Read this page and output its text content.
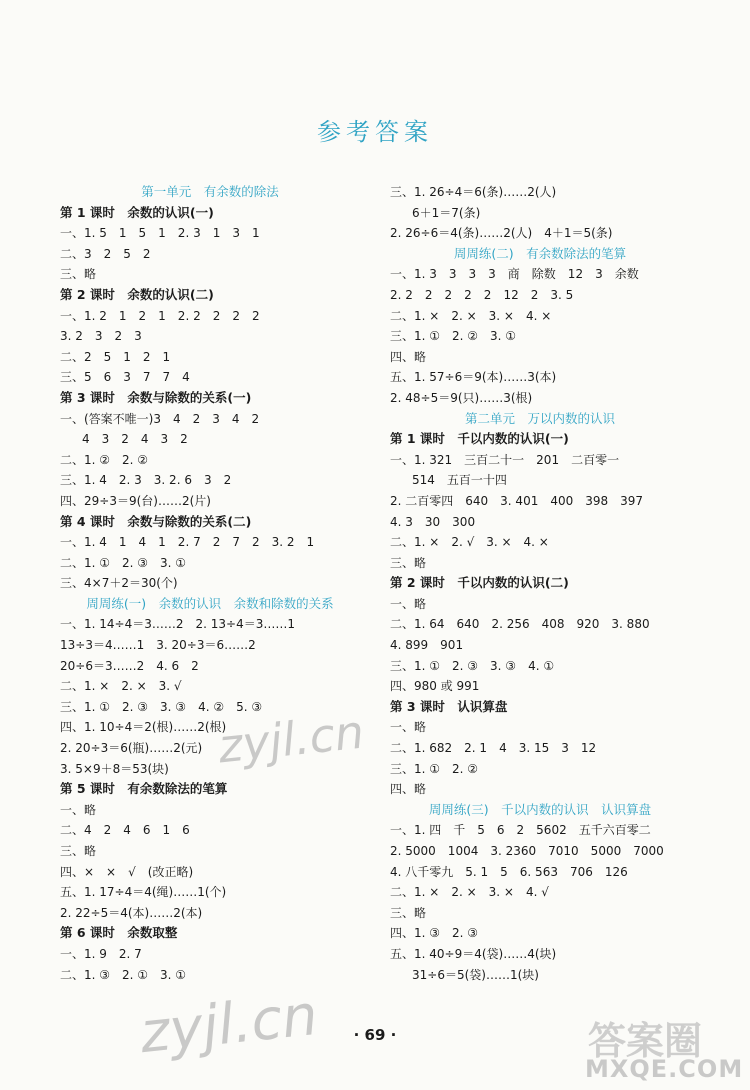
参考答案
第一单元　有余数的除法
第 1 课时　余数的认识(一)
一、1. 5　1　5　1　2. 3　1　3　1
二、3　2　5　2
三、略
第 2 课时　余数的认识(二)
一、1. 2　1　2　1　2. 2　2　2　2
3. 2　3　2　3
二、2　5　1　2　1
三、5　6　3　7　7　4
第 3 课时　余数与除数的关系(一)
一、(答案不唯一)3　4　2　3　4　2
4　3　2　4　3　2
二、1. ②　2. ②
三、1. 4　2. 3　3. 2. 6　3　2
四、29÷3＝9(台)……2(片)
第 4 课时　余数与除数的关系(二)
一、1. 4　1　4　1　2. 7　2　7　2　3. 2　1
二、1. ①　2. ③　3. ①
三、4×7＋2＝30(个)
周周练(一)　余数的认识　余数和除数的关系
一、1. 14÷4＝3……2　2. 13÷4＝3……1
13÷3＝4……1　3. 20÷3＝6……2
20÷6＝3……2　4. 6　2
二、1. ×　2. ×　3. √
三、1. ①　2. ③　3. ③　4. ②　5. ③
四、1. 10÷4＝2(根)……2(根)
2. 20÷3＝6(瓶)……2(元)
3. 5×9＋8＝53(块)
第 5 课时　有余数除法的笔算
一、略
二、4　2　4　6　1　6
三、略
四、×　×　√　(改正略)
五、1. 17÷4＝4(绳)……1(个)
2. 22÷5＝4(本)……2(本)
第 6 课时　余数取整
一、1. 9　2. 7
二、1. ③　2. ①　3. ①
三、1. 26÷4＝6(条)……2(人)
6＋1＝7(条)
2. 26÷6＝4(条)……2(人)　4＋1＝5(条)
周周练(二)　有余数除法的笔算
一、1. 3　3　3　3　商　除数　12　3　余数
2. 2　2　2　2　2　12　2　3. 5
二、1. ×　2. ×　3. ×　4. ×
三、1. ①　2. ②　3. ①
四、略
五、1. 57÷6＝9(本)……3(本)
2. 48÷5＝9(只)……3(根)
第二单元　万以内数的认识
第 1 课时　千以内数的认识(一)
一、1. 321　三百二十一　201　二百零一
514　五百一十四
2. 二百零四　640　3. 401　400　398　397
4. 3　30　300
二、1. ×　2. √　3. ×　4. ×
三、略
第 2 课时　千以内数的认识(二)
一、略
二、1. 64　640　2. 256　408　920　3. 880
4. 899　901
三、1. ①　2. ③　3. ③　4. ①
四、980 或 991
第 3 课时　认识算盘
一、略
二、1. 682　2. 1　4　3. 15　3　12
三、1. ①　2. ②
四、略
周周练(三)　千以内数的认识　认识算盘
一、1. 四　千　5　6　2　5602　五千六百零二
2. 5000　1004　3. 2360　7010　5000　7000
4. 八千零九　5. 1　5　6. 563　706　126
二、1. ×　2. ×　3. ×　4. √
三、略
四、1. ③　2. ③
五、1. 40÷9＝4(袋)……4(块)
31÷6＝5(袋)……1(块)
· 69 ·
zyjl.cn
zyjl.cn	答案圈
MXQE.COM
